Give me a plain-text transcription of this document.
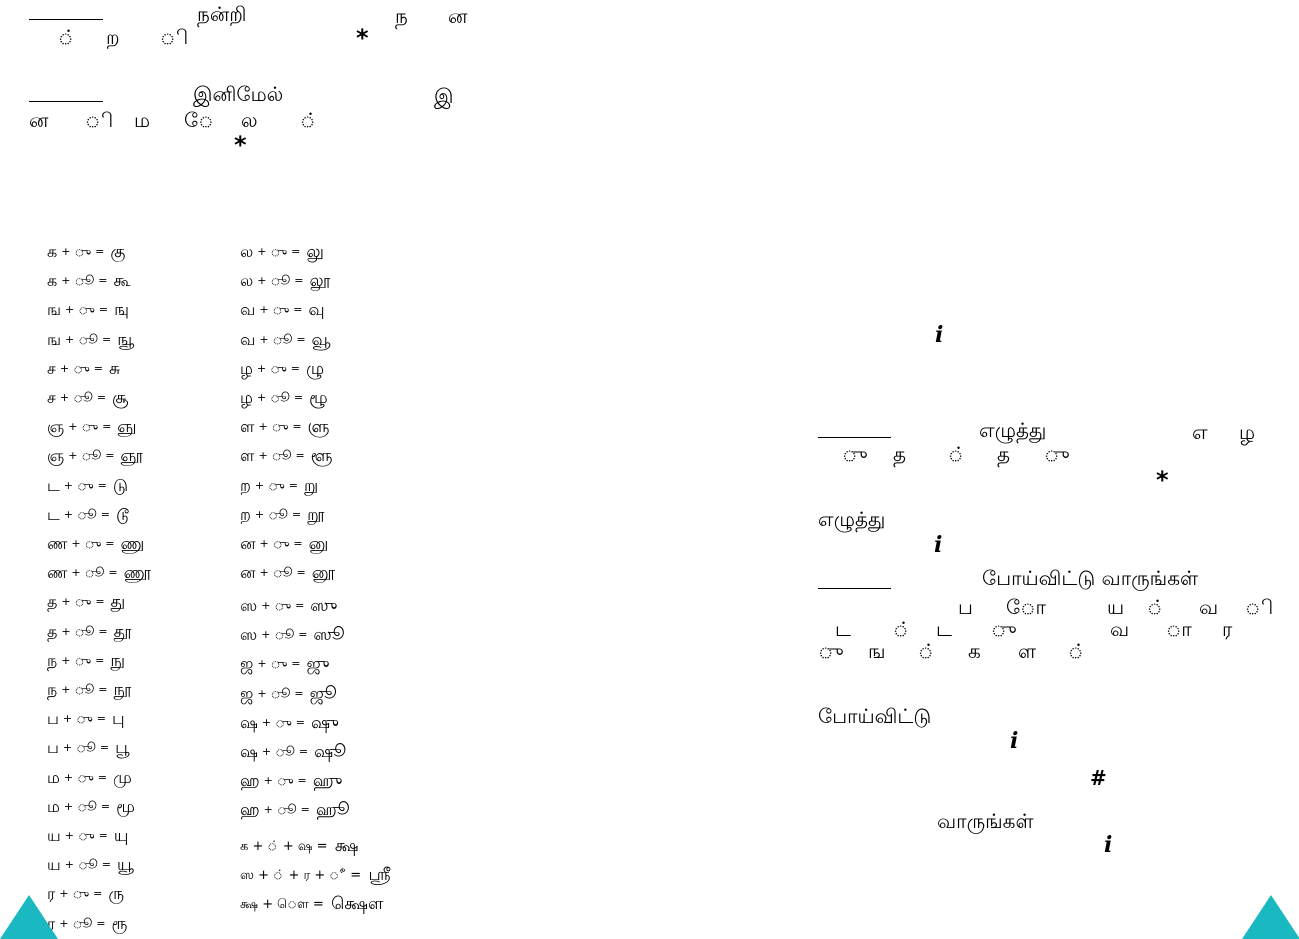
நன்றி	ந ன
் ற ி	*
இனிமேல்	இ
ன ி ம ே ல ்
*
க + ◌ு = கு
க + ◌ூ = கூ
ங + ◌ு = ஙு
ங + ◌ூ = ஙூ
ச + ◌ு = சு
ச + ◌ூ = சூ
ஞ + ◌ு = ஞு
ஞ + ◌ூ = ஞூ
ட + ◌ு = டு
ட + ◌ூ = டூ
ண + ◌ு = ணு
ண + ◌ூ = ணூ
த + ◌ு = து
த + ◌ூ = தூ
ந + ◌ு = நு
ந + ◌ூ = நூ
ப + ◌ு = பு
ப + ◌ூ = பூ
ம + ◌ு = மு
ம + ◌ூ = மூ
ய + ◌ு = யு
ய + ◌ூ = யூ
ர + ◌ு = ரு
ர + ◌ூ = ரூ
ல + ◌ு = லு
ல + ◌ூ = லூ
வ + ◌ு = வு
வ + ◌ூ = வூ
ழ + ◌ு = ழு
ழ + ◌ூ = ழூ
ள + ◌ு = ளு
ள + ◌ூ = ளூ
ற + ◌ு = று
ற + ◌ூ = றூ
ன + ◌ு = னு
ன + ◌ூ = னூ
ஸ + ◌ு = ஸு
ஸ + ◌ூ = ஸூ
ஜ + ◌ு = ஜு
ஜ + ◌ூ = ஜூ
ஷ + ◌ு = ஷு
ஷ + ◌ூ = ஷூ
ஹ + ◌ு = ஹு
ஹ + ◌ூ = ஹூ
க + ் + ஷ = க்ஷ
ஸ + ் + ர + ீ = ஸ்ரீ
க்ஷ + ௌ = க்ஷௌ
i
எழுத்து	எ ழ
ு த ் த ு
*
எழுத்து
i
போய்விட்டு வாருங்கள்
ப ோ	ய ் வ ி
ட ் ட ு	வ ா ர
ு ங ் க ள ்
போய்விட்டு
i
#
வாருங்கள்
i
